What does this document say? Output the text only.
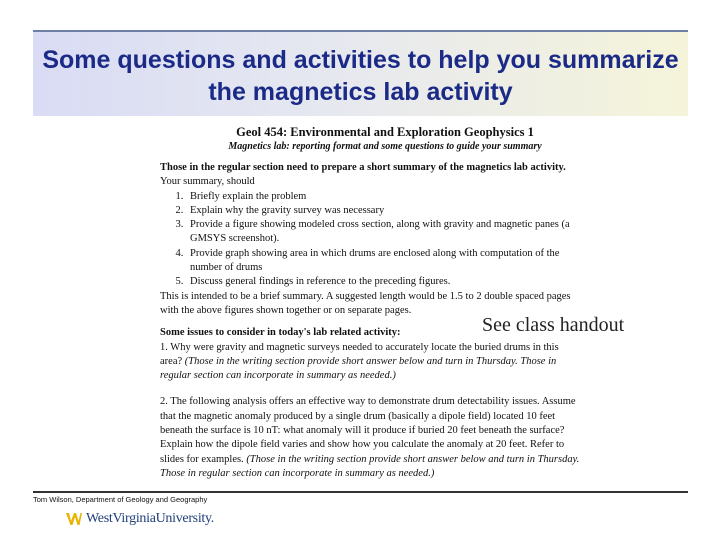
Some questions and activities to help you summarize the magnetics lab activity
Geol 454: Environmental and Exploration Geophysics 1
Magnetics lab: reporting format and some questions to guide your summary
Those in the regular section need to prepare a short summary of the magnetics lab activity.
Your summary, should
1. Briefly explain the problem
2. Explain why the gravity survey was necessary
3. Provide a figure showing modeled cross section, along with gravity and magnetic panes (a GMSYS screenshot).
4. Provide graph showing area in which drums are enclosed along with computation of the number of drums
5. Discuss general findings in reference to the preceding figures.
This is intended to be a brief summary. A suggested length would be 1.5 to 2 double spaced pages with the above figures shown together or on separate pages.
Some issues to consider in today's lab related activity:
1. Why were gravity and magnetic surveys needed to accurately locate the buried drums in this area? (Those in the writing section provide short answer below and turn in Thursday. Those in regular section can incorporate in summary as needed.)
2. The following analysis offers an effective way to demonstrate drum detectability issues. Assume that the magnetic anomaly produced by a single drum (basically a dipole field) located 10 feet beneath the surface is 10 nT: what anomaly will it produce if buried 20 feet beneath the surface? Explain how the dipole field varies and show how you calculate the anomaly at 20 feet. Refer to slides for examples. (Those in the writing section provide short answer below and turn in Thursday. Those in regular section can incorporate in summary as needed.)
See class handout
Tom Wilson, Department of Geology and Geography
WestVirginiaUniversity.
